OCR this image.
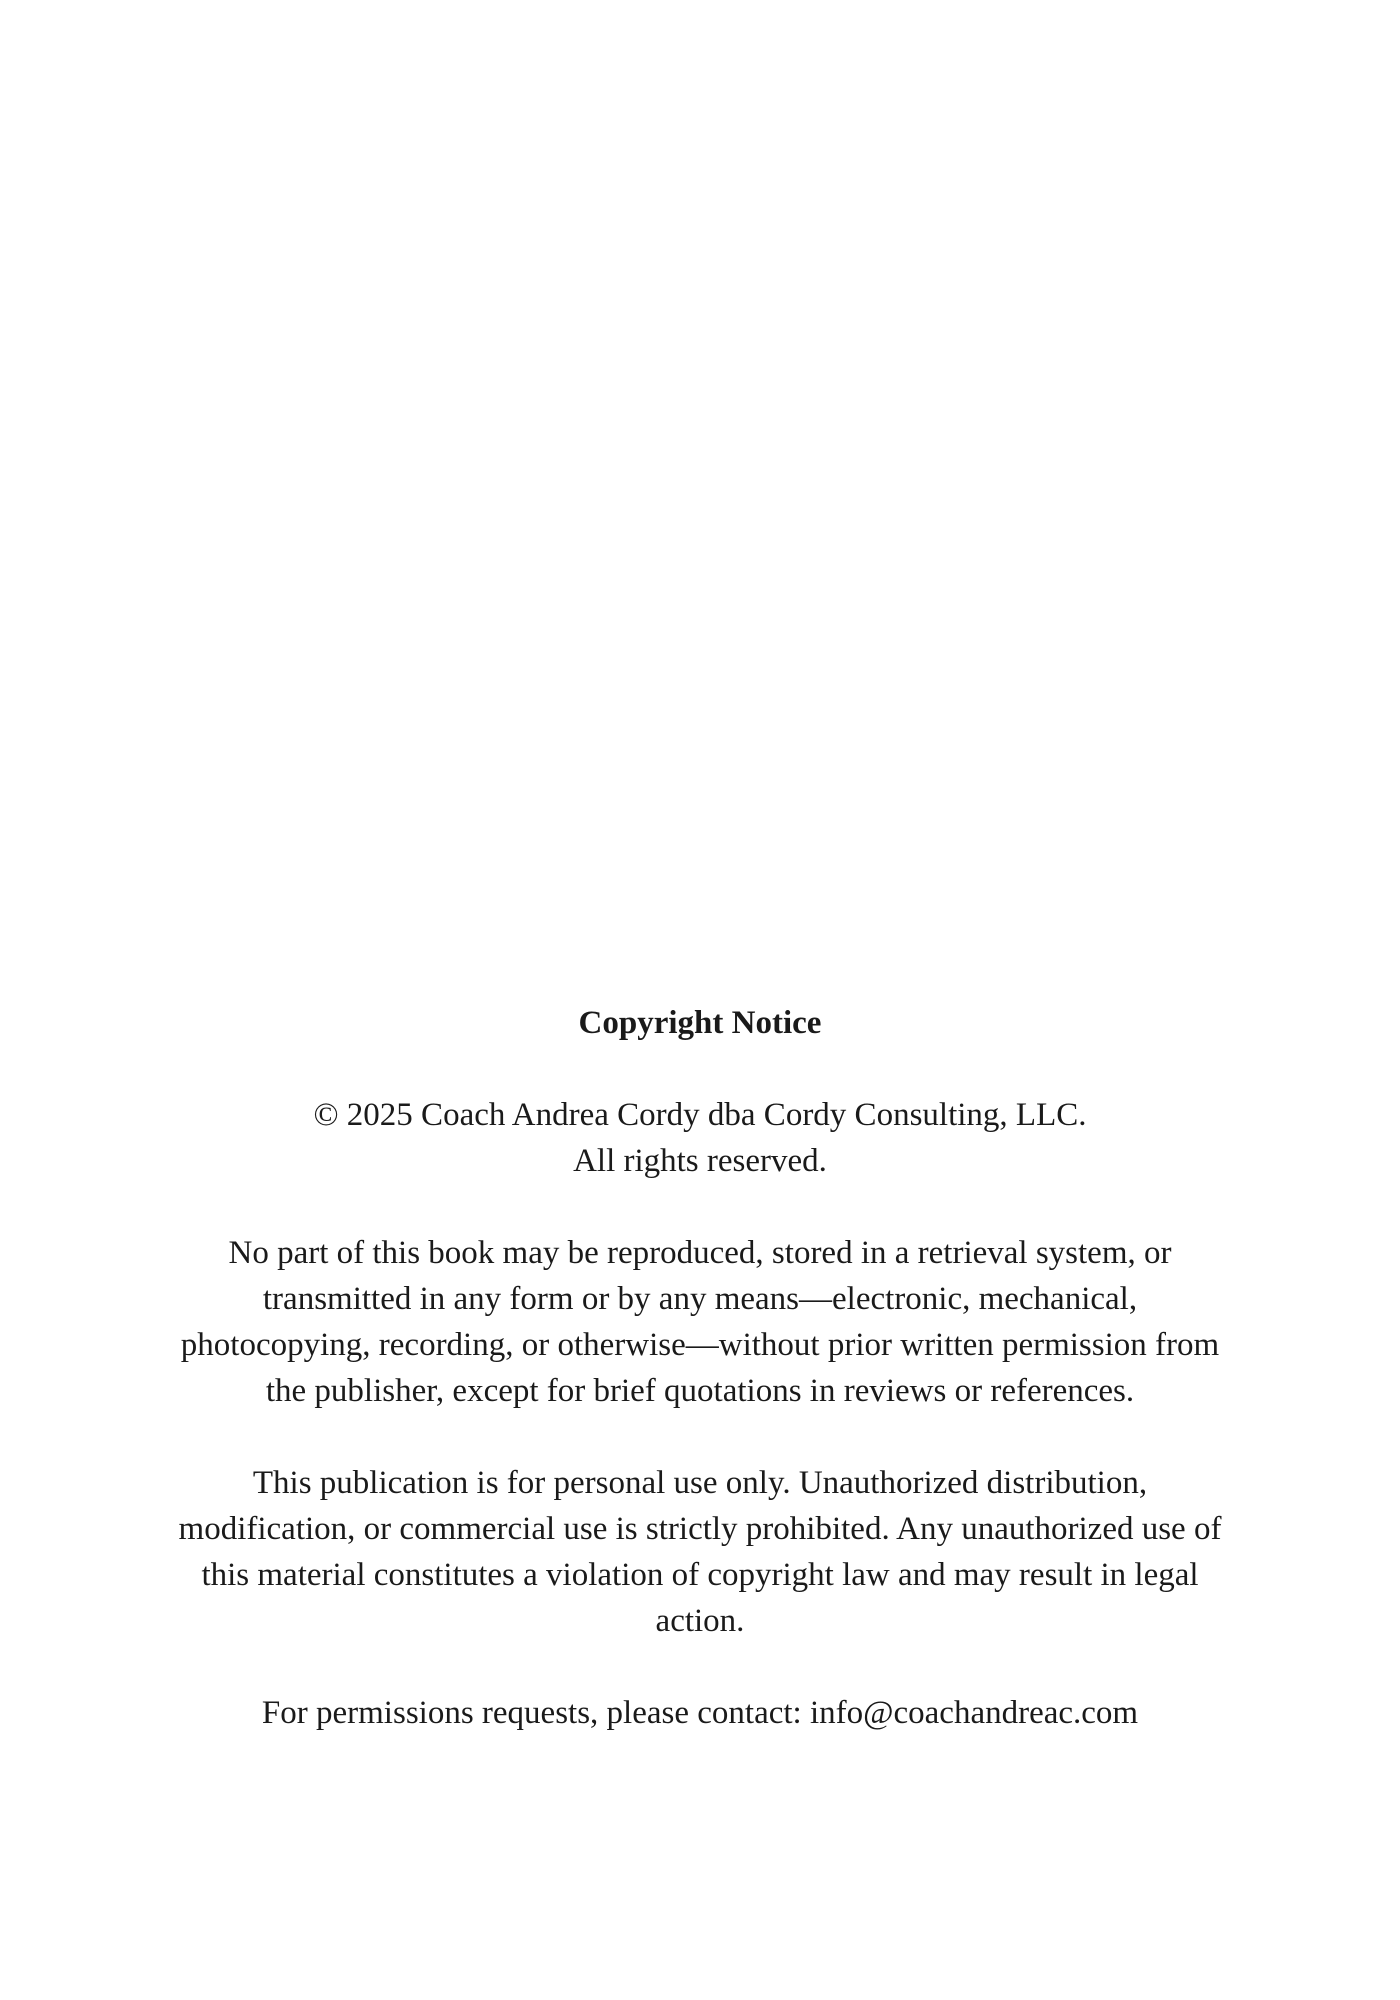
Copyright Notice

© 2025 Coach Andrea Cordy dba Cordy Consulting, LLC.
All rights reserved.

No part of this book may be reproduced, stored in a retrieval system, or transmitted in any form or by any means—electronic, mechanical, photocopying, recording, or otherwise—without prior written permission from the publisher, except for brief quotations in reviews or references.

This publication is for personal use only. Unauthorized distribution, modification, or commercial use is strictly prohibited. Any unauthorized use of this material constitutes a violation of copyright law and may result in legal action.

For permissions requests, please contact: info@coachandreac.com
